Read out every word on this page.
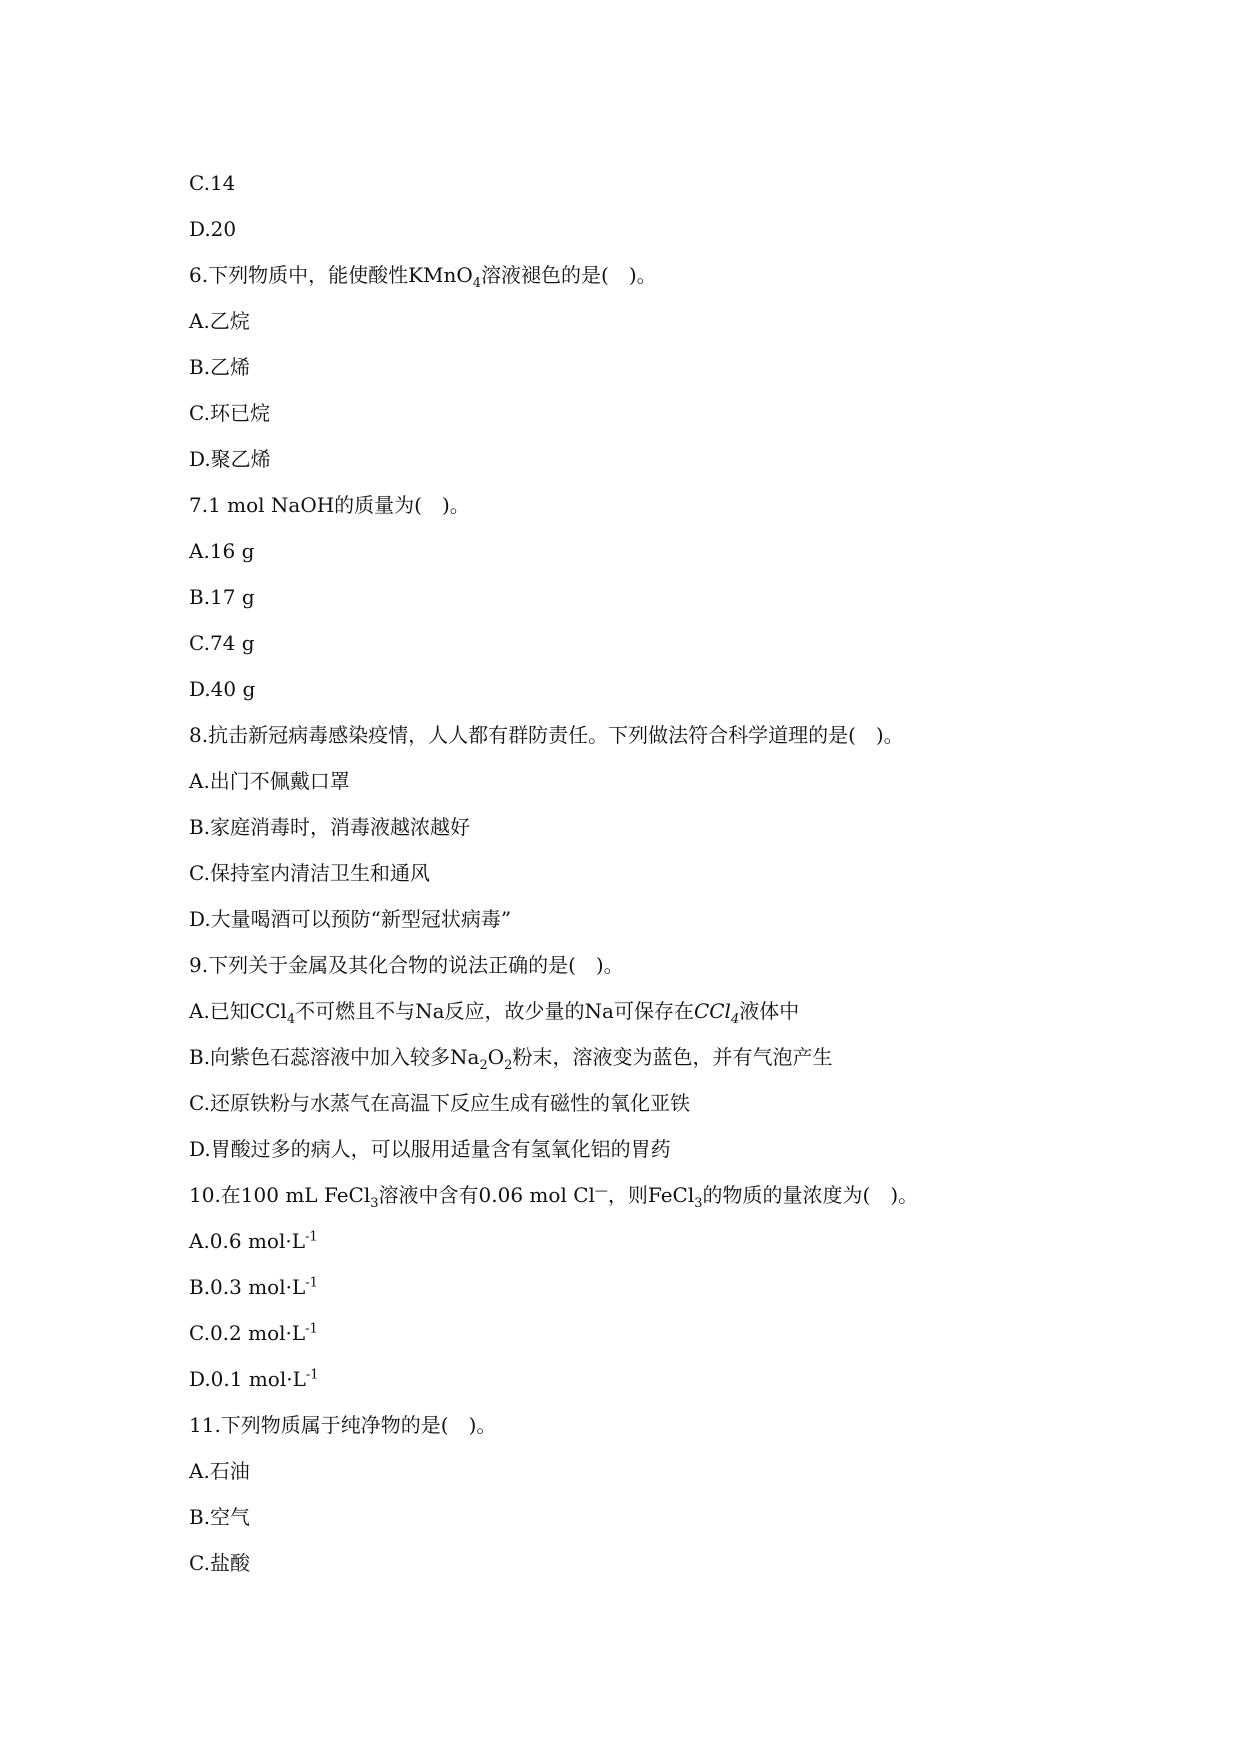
C.14
D.20
6.下列物质中，能使酸性KMnO$_4$溶液褪色的是(　)。
A.乙烷
B.乙烯
C.环已烷
D.聚乙烯
7.1 mol NaOH的质量为(　)。
A.16 g
B.17 g
C.74 g
D.40 g
8.抗击新冠病毒感染疫情，人人都有群防责任。下列做法符合科学道理的是(　)。
A.出门不佩戴口罩
B.家庭消毒时，消毒液越浓越好
C.保持室内清洁卫生和通风
D.大量喝酒可以预防“新型冠状病毒”
9.下列关于金属及其化合物的说法正确的是(　)。
A.已知CCl$_4$不可燃且不与Na反应，故少量的Na可保存在CCl$_4$液体中
B.向紫色石蕊溶液中加入较多$Na_2O_2$粉末，溶液变为蓝色，并有气泡产生
C.还原铁粉与水蒸气在高温下反应生成有磁性的氧化亚铁
D.胃酸过多的病人，可以服用适量含有氢氧化铝的胃药
10.在100 mL FeCl$_3$溶液中含有0.06 mol Cl—，则FeCl$_3$的物质的量浓度为(　)。
A.0.6 $mol\cdot L^{-1}$
B.0.3 $mol\cdot L^{-1}$
C.0.2 $mol\cdot L^{-1}$
D.0.1 $mol\cdot L^{-1}$
11.下列物质属于纯净物的是(　)。
A.石油
B.空气
C.盐酸
